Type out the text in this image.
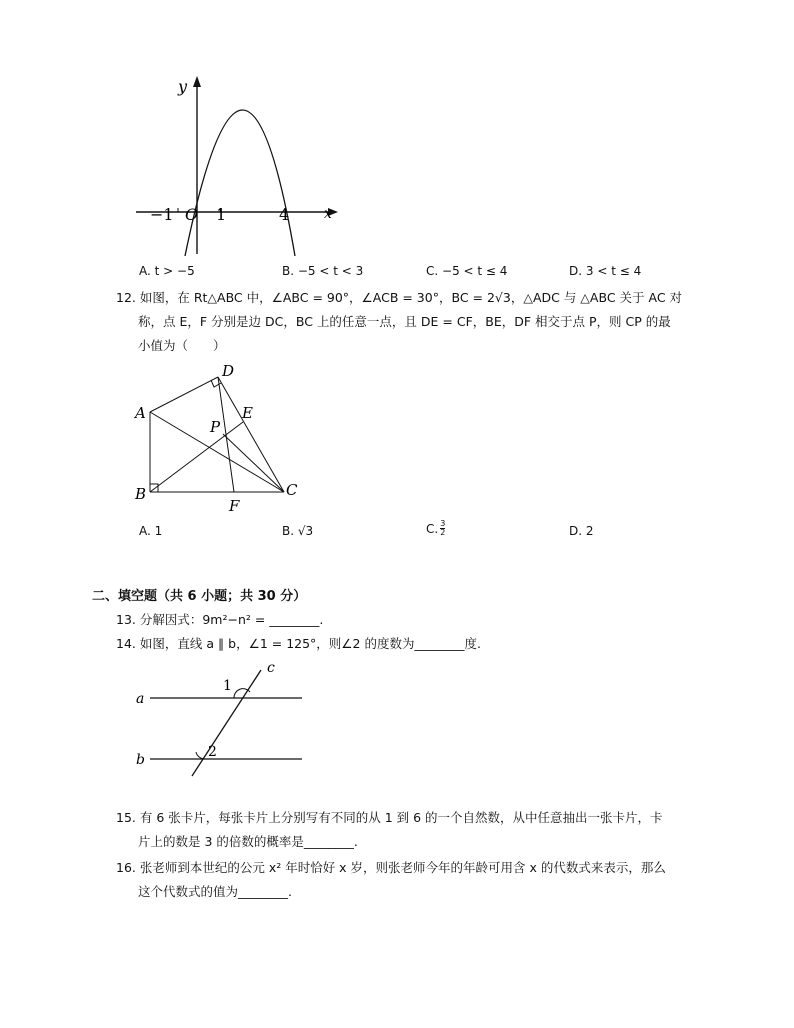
y
x
O
−1	1	4
A. t > −5	B. −5 < t < 3	C. −5 < t ≤ 4	D. 3 < t ≤ 4
12. 如图，在 Rt△ABC 中，∠ABC = 90°，∠ACB = 30°，BC = 2√3，△ADC 与 △ABC 关于 AC 对
称，点 E，F 分别是边 DC，BC 上的任意一点，且 DE = CF，BE，DF 相交于点 P，则 CP 的最
小值为（　　）
A
B	C
D
E
F
P
A. 1	B. √3	C. $\frac{3}{2}$	D. 2
二、填空题（共 6 小题；共 30 分）
13. 分解因式：9m²−n² = ________.
14. 如图，直线 a ∥ b，∠1 = 125°，则∠2 的度数为________度.
a
b
c
1
2
15. 有 6 张卡片，每张卡片上分别写有不同的从 1 到 6 的一个自然数，从中任意抽出一张卡片，卡
片上的数是 3 的倍数的概率是________.
16. 张老师到本世纪的公元 x² 年时恰好 x 岁，则张老师今年的年龄可用含 x 的代数式来表示，那么
这个代数式的值为________.
